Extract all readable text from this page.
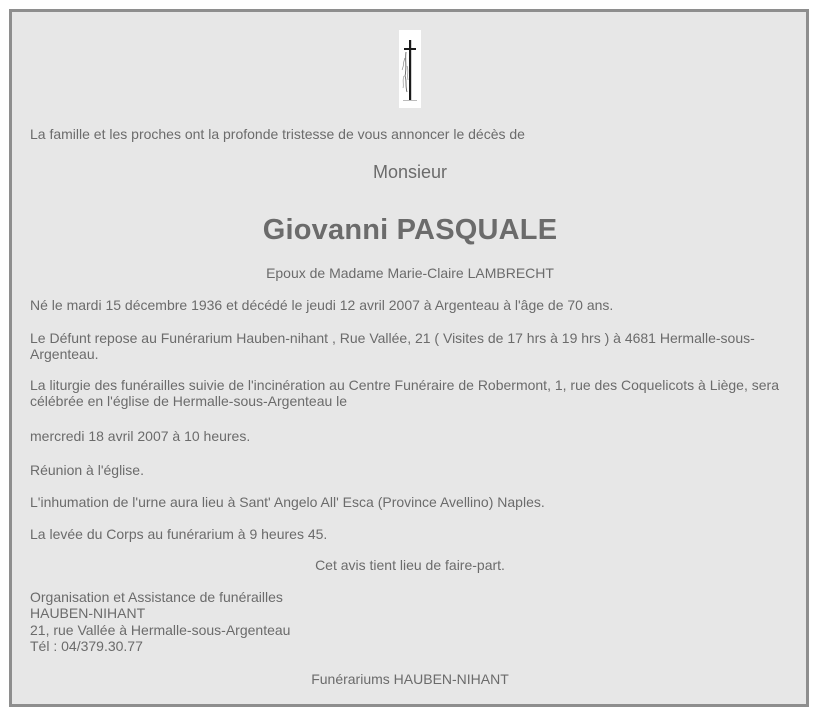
La famille et les proches ont la profonde tristesse de vous annoncer le décès de

Monsieur

Giovanni PASQUALE

Epoux de Madame Marie-Claire LAMBRECHT

Né le mardi 15 décembre 1936 et décédé le jeudi 12 avril 2007 à Argenteau à l'âge de 70 ans.

Le Défunt repose au Funérarium Hauben-nihant , Rue Vallée, 21 ( Visites de 17 hrs à 19 hrs ) à 4681 Hermalle-sous-Argenteau.

La liturgie des funérailles suivie de l'incinération au Centre Funéraire de Robermont, 1, rue des Coquelicots à Liège, sera célébrée en l'église de Hermalle-sous-Argenteau le

mercredi 18 avril 2007 à 10 heures.

Réunion à l'église.

L'inhumation de l'urne aura lieu à Sant' Angelo All' Esca (Province Avellino) Naples.

La levée du Corps au funérarium à 9 heures 45.

Cet avis tient lieu de faire-part.

Organisation et Assistance de funérailles

HAUBEN-NIHANT

21, rue Vallée à Hermalle-sous-Argenteau

Tél : 04/379.30.77

Funérariums HAUBEN-NIHANT
